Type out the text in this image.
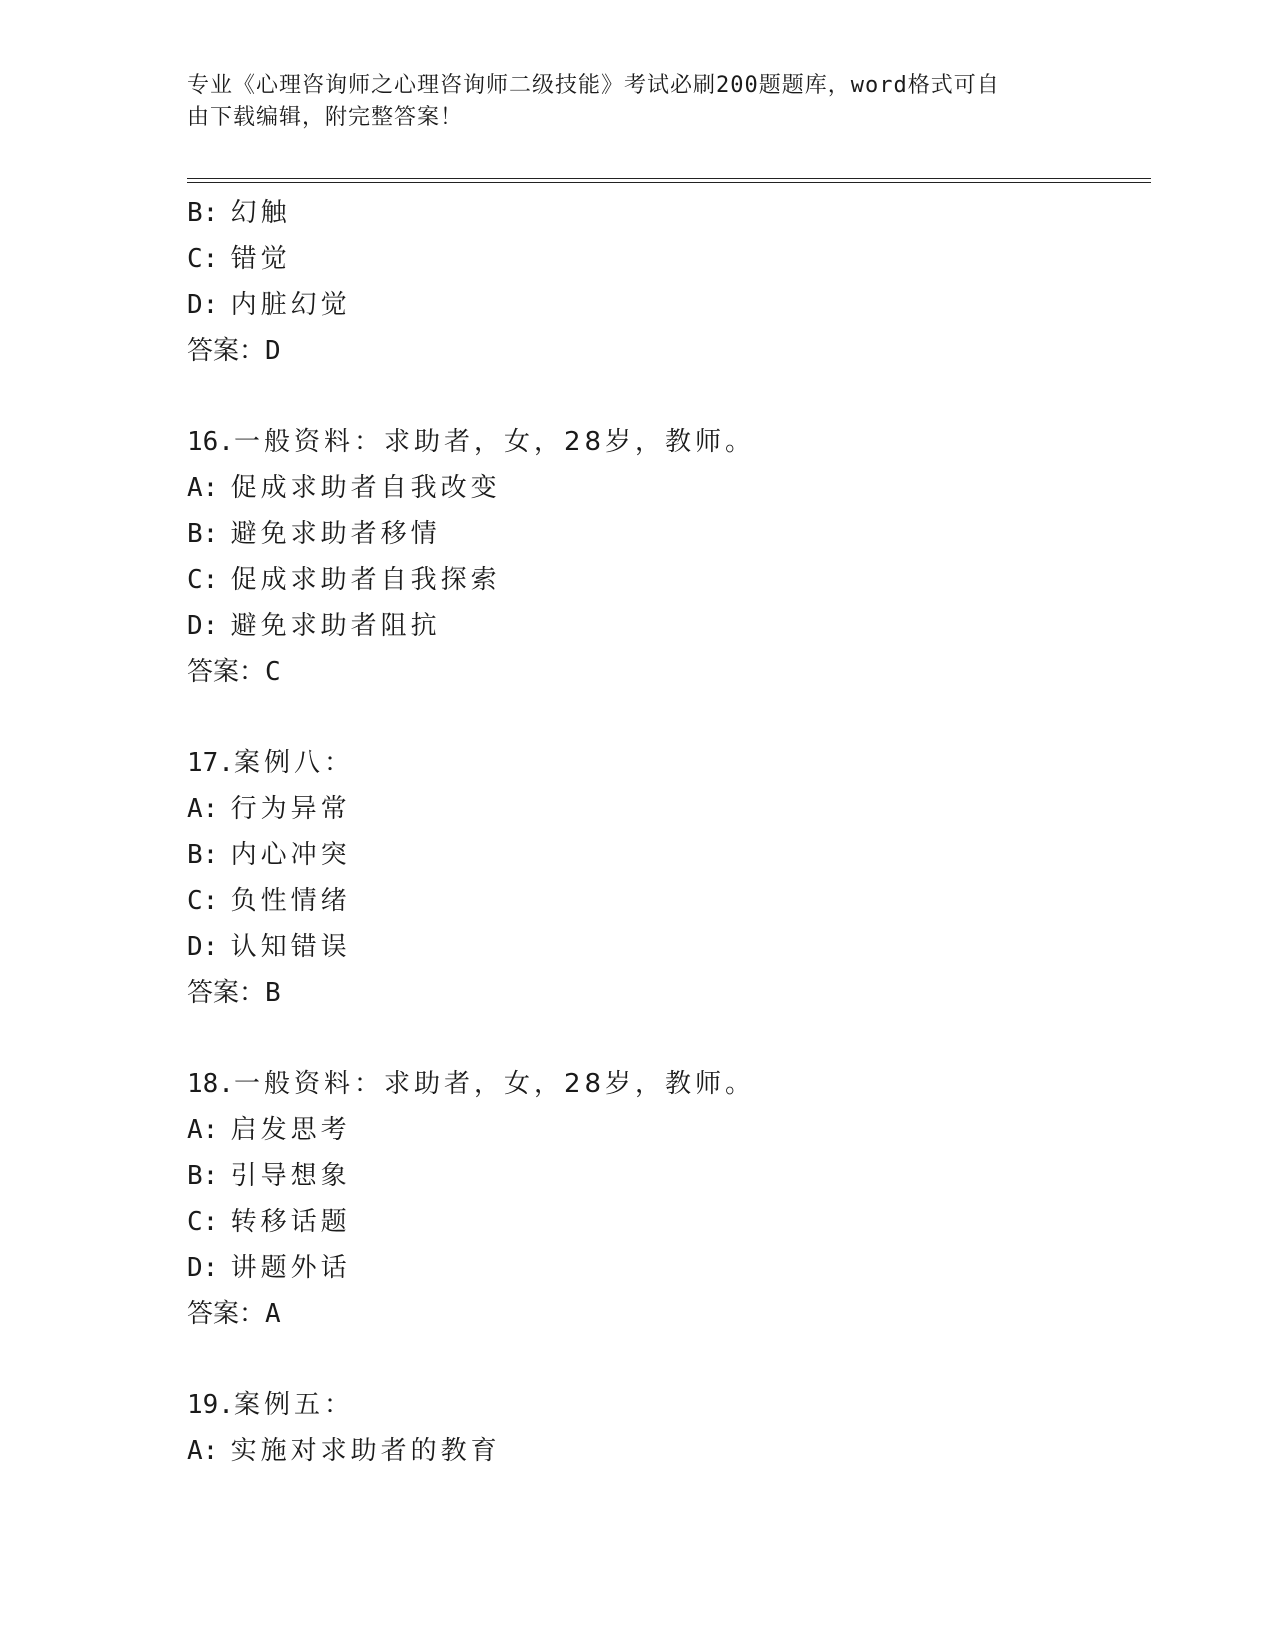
专业《心理咨询师之心理咨询师二级技能》考试必刷200题题库，word格式可自
由下载编辑，附完整答案！
B: 幻触
C: 错觉
D: 内脏幻觉
答案：D
16.一般资料：求助者，女，28岁，教师。
A: 促成求助者自我改变
B: 避免求助者移情
C: 促成求助者自我探索
D: 避免求助者阻抗
答案：C
17.案例八：
A: 行为异常
B: 内心冲突
C: 负性情绪
D: 认知错误
答案：B
18.一般资料：求助者，女，28岁，教师。
A: 启发思考
B: 引导想象
C: 转移话题
D: 讲题外话
答案：A
19.案例五：
A: 实施对求助者的教育
